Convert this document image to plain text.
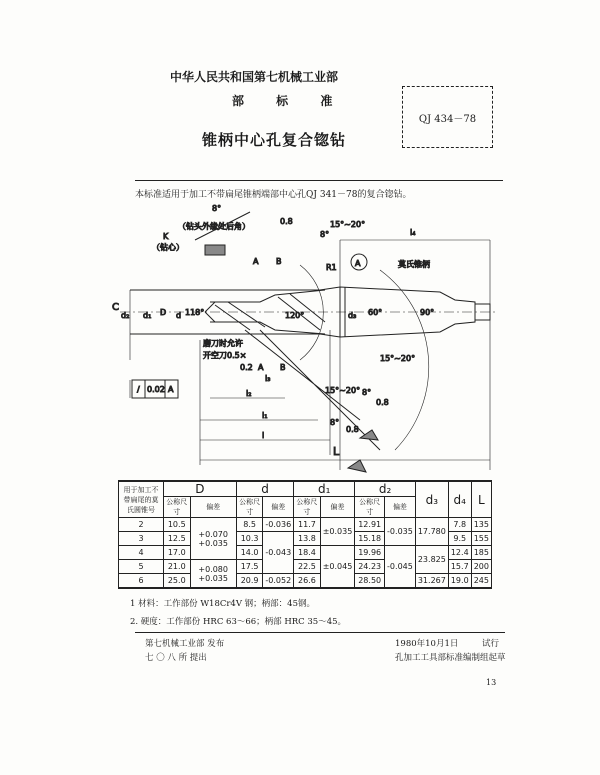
中华人民共和国第七机械工业部
部 标 准
锥柄中心孔复合锪钻
QJ 434－78
本标准适用于加工不带扁尾锥柄端部中心孔QJ 341－78的复合锪钻。
8°
（钻头外缘处后角）
K
（钻心）
0.8	15°~20°
8°	l₄
A B
R1 A	莫氏锥柄
C
d₂ d₁ D d 118°	120°	d₃ 60°	90°
磨刀时允许
开空刀0.5×
0.2 A B
l₃
l₂
l₁
l
L
15°~20°
15°~20° 8°
0.8
8°
0.8
/ 0.02 A
用于加工不带扁尾的莫氏圆锥号	D		d		d₁		d₂		d₃	d₄	L
	公称尺寸	偏差	公称尺寸	偏差	公称尺寸	偏差	公称尺寸	偏差			
2	10.5	+0.070 +0.035	8.5	-0.036	11.7	±0.035	12.91	-0.035	17.780	7.8	135
3	12.5		10.3	-0.043	13.8		15.18			9.5	155
4	17.0		14.0		18.4	±0.045	19.96	-0.045	23.825	12.4	185
5	21.0	+0.080 +0.035	17.5		22.5		24.23			15.7	200
6	25.0		20.9	-0.052	26.6		28.50		31.267	19.0	245
1 材料：工作部份 W18Cr4V 钢；柄部：45钢。
2. 硬度：工作部份 HRC 63～66；柄部 HRC 35～45。
第七机械工业部 发布
七 〇 八 所 提出
1980年10月1日	试行
孔加工工具部标准编制组起草
13
